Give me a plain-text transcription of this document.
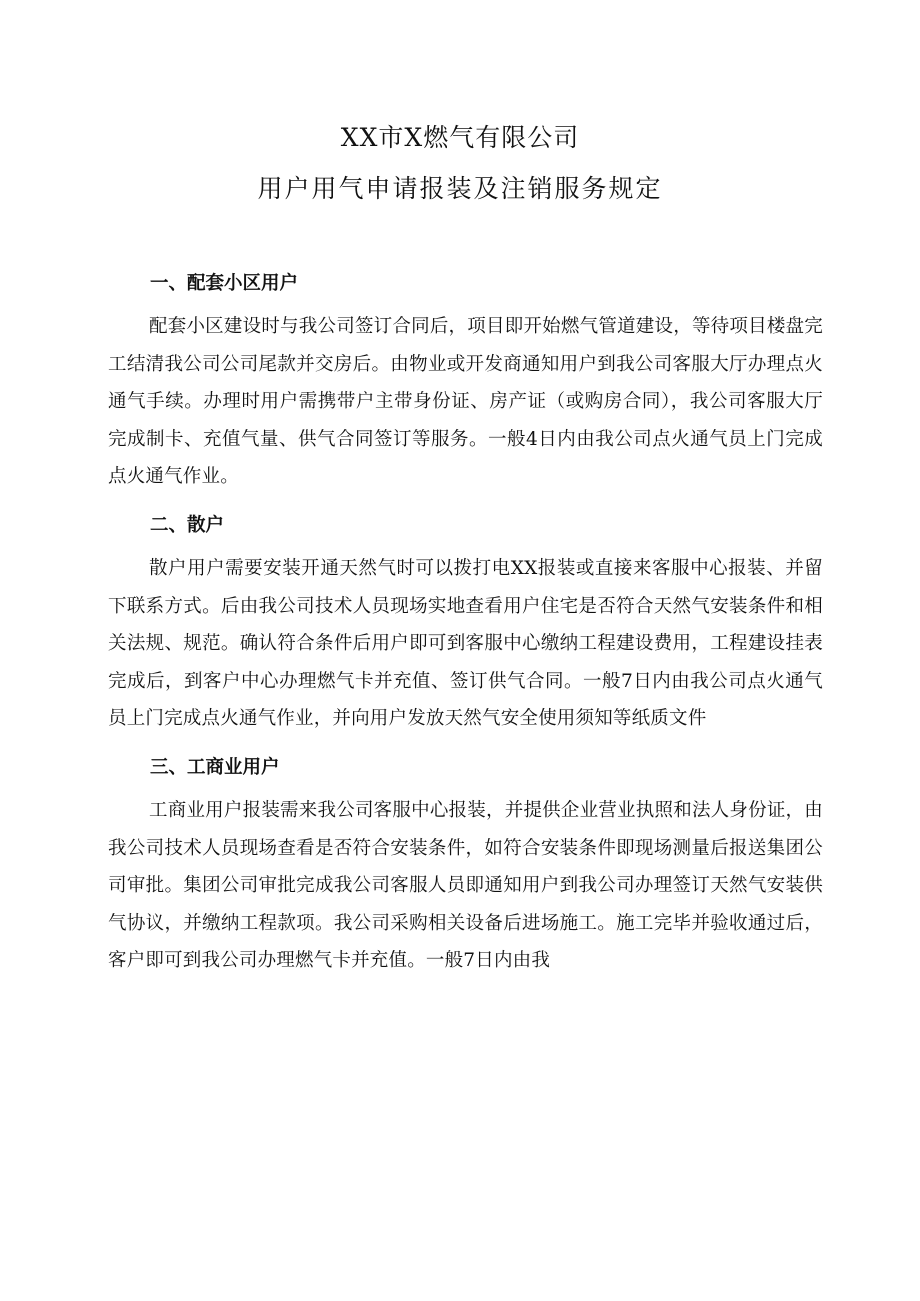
XX市X燃气有限公司
用户用气申请报装及注销服务规定

一、配套小区用户

配套小区建设时与我公司签订合同后，项目即开始燃气管道建设，等待项目楼盘完工结清我公司公司尾款并交房后。由物业或开发商通知用户到我公司客服大厅办理点火通气手续。办理时用户需携带户主带身份证、房产证（或购房合同），我公司客服大厅完成制卡、充值气量、供气合同签订等服务。一般4日内由我公司点火通气员上门完成点火通气作业。

二、散户

散户用户需要安装开通天然气时可以拨打电XX报装或直接来客服中心报装、并留下联系方式。后由我公司技术人员现场实地查看用户住宅是否符合天然气安装条件和相关法规、规范。确认符合条件后用户即可到客服中心缴纳工程建设费用，工程建设挂表完成后，到客户中心办理燃气卡并充值、签订供气合同。一般7日内由我公司点火通气员上门完成点火通气作业，并向用户发放天然气安全使用须知等纸质文件

三、工商业用户

工商业用户报装需来我公司客服中心报装，并提供企业营业执照和法人身份证，由我公司技术人员现场查看是否符合安装条件，如符合安装条件即现场测量后报送集团公司审批。集团公司审批完成我公司客服人员即通知用户到我公司办理签订天然气安装供气协议，并缴纳工程款项。我公司采购相关设备后进场施工。施工完毕并验收通过后，客户即可到我公司办理燃气卡并充值。一般7日内由我
